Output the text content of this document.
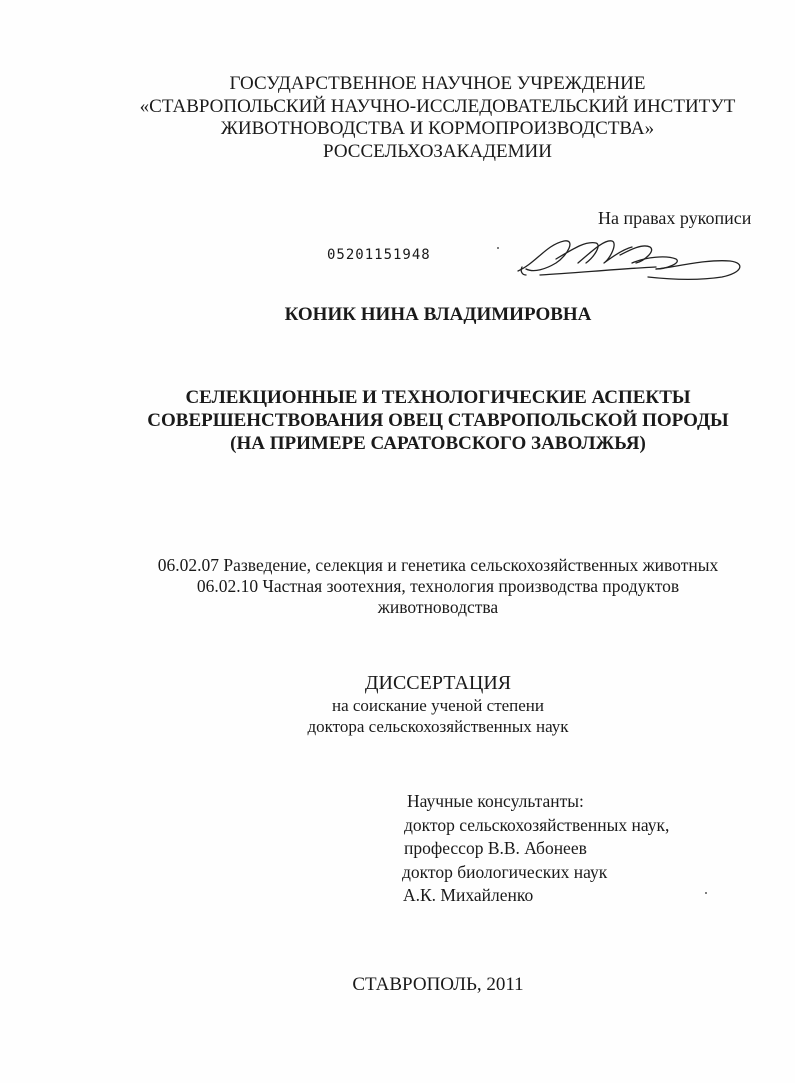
ГОСУДАРСТВЕННОЕ НАУЧНОЕ УЧРЕЖДЕНИЕ
«СТАВРОПОЛЬСКИЙ НАУЧНО-ИССЛЕДОВАТЕЛЬСКИЙ ИНСТИТУТ
ЖИВОТНОВОДСТВА И КОРМОПРОИЗВОДСТВА»
РОССЕЛЬХОЗАКАДЕМИИ
На правах рукописи
05201151948
КОНИК НИНА ВЛАДИМИРОВНА
СЕЛЕКЦИОННЫЕ И ТЕХНОЛОГИЧЕСКИЕ АСПЕКТЫ
СОВЕРШЕНСТВОВАНИЯ ОВЕЦ СТАВРОПОЛЬСКОЙ ПОРОДЫ
(НА ПРИМЕРЕ САРАТОВСКОГО ЗАВОЛЖЬЯ)
06.02.07 Разведение, селекция и генетика сельскохозяйственных животных
06.02.10 Частная зоотехния, технология производства продуктов
животноводства
ДИССЕРТАЦИЯ
на соискание ученой степени
доктора сельскохозяйственных наук
Научные консультанты:
доктор сельскохозяйственных наук,
профессор В.В. Абонеев
доктор биологических наук
А.К. Михайленко
СТАВРОПОЛЬ, 2011
